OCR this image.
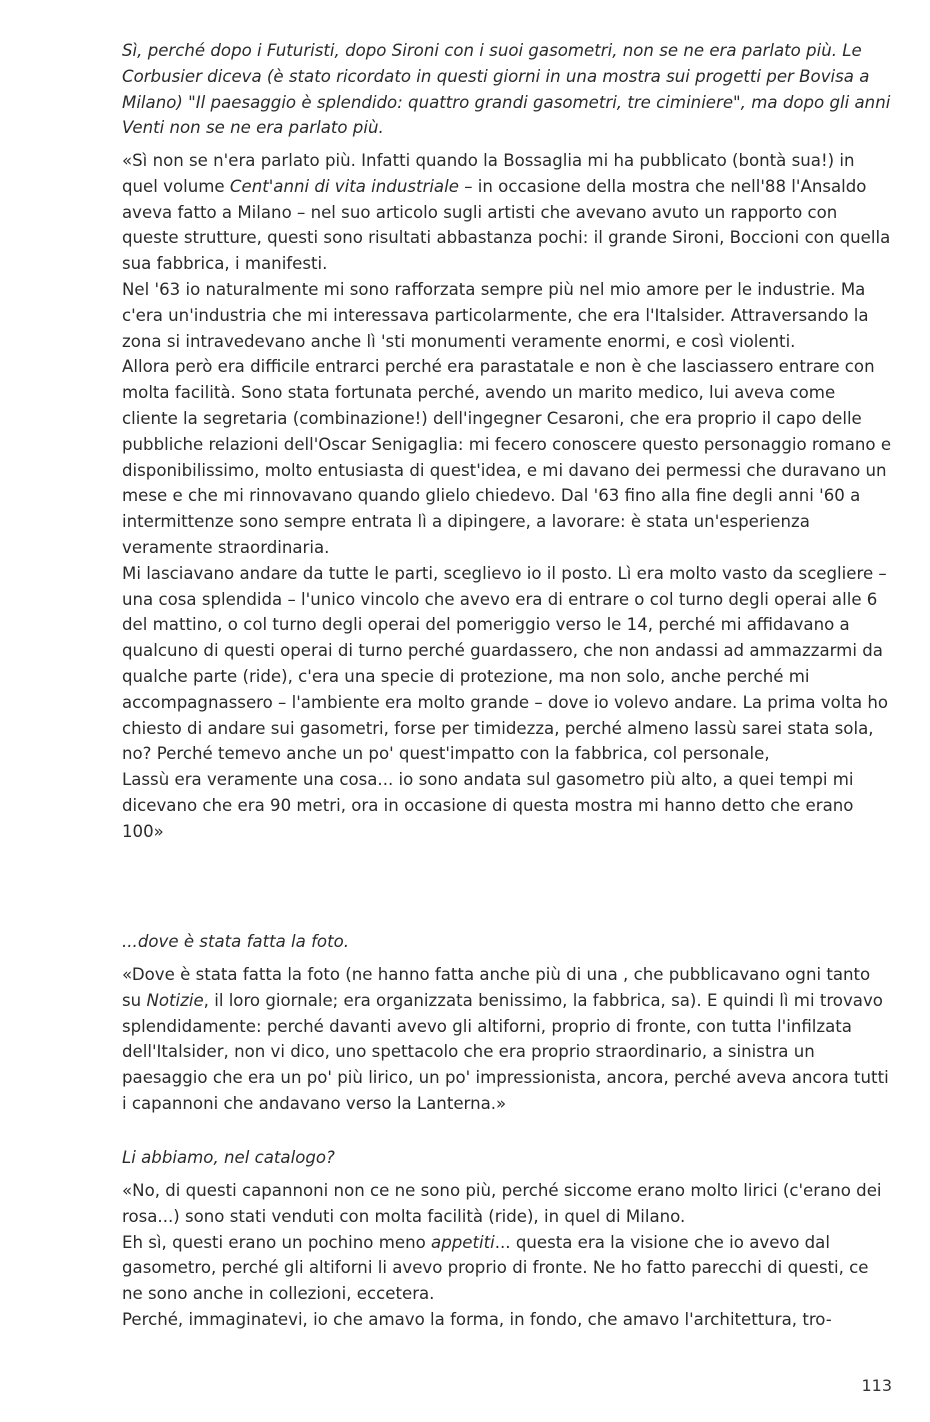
Sì, perché dopo i Futuristi, dopo Sironi con i suoi gasometri, non se ne era parlato più. Le Corbusier diceva (è stato ricordato in questi giorni in una mostra sui progetti per Bovisa a Milano) "Il paesaggio è splendido: quattro grandi gasometri, tre ciminiere", ma dopo gli anni Venti non se ne era parlato più.

«Sì non se n'era parlato più. Infatti quando la Bossaglia mi ha pubblicato (bontà sua!) in quel volume Cent'anni di vita industriale – in occasione della mostra che nell'88 l'Ansaldo aveva fatto a Milano – nel suo articolo sugli artisti che avevano avuto un rapporto con queste strutture, questi sono risultati abbastanza pochi: il grande Sironi, Boccioni con quella sua fabbrica, i manifesti.

Nel '63 io naturalmente mi sono rafforzata sempre più nel mio amore per le industrie. Ma c'era un'industria che mi interessava particolarmente, che era l'Italsider. Attraversando la zona si intravedevano anche lì 'sti monumenti veramente enormi, e così violenti.

Allora però era difficile entrarci perché era parastatale e non è che lasciassero entrare con molta facilità. Sono stata fortunata perché, avendo un marito medico, lui aveva come cliente la segretaria (combinazione!) dell'ingegner Cesaroni, che era proprio il capo delle pubbliche relazioni dell'Oscar Senigaglia: mi fecero conoscere questo personaggio romano e disponibilissimo, molto entusiasta di quest'idea, e mi davano dei permessi che duravano un mese e che mi rinnovavano quando glielo chiedevo. Dal '63 fino alla fine degli anni '60 a intermittenze sono sempre entrata lì a dipingere, a lavorare: è stata un'esperienza veramente straordinaria.

Mi lasciavano andare da tutte le parti, sceglievo io il posto. Lì era molto vasto da scegliere – una cosa splendida – l'unico vincolo che avevo era di entrare o col turno degli operai alle 6 del mattino, o col turno degli operai del pomeriggio verso le 14, perché mi affidavano a qualcuno di questi operai di turno perché guardassero, che non andassi ad ammazzarmi da qualche parte (ride), c'era una specie di protezione, ma non solo, anche perché mi accompagnassero – l'ambiente era molto grande – dove io volevo andare. La prima volta ho chiesto di andare sui gasometri, forse per timidezza, perché almeno lassù sarei stata sola, no? Perché temevo anche un po' quest'impatto con la fabbrica, col personale,

Lassù era veramente una cosa... io sono andata sul gasometro più alto, a quei tempi mi dicevano che era 90 metri, ora in occasione di questa mostra mi hanno detto che erano 100»

...dove è stata fatta la foto.

«Dove è stata fatta la foto (ne hanno fatta anche più di una , che pubblicavano ogni tanto su Notizie, il loro giornale; era organizzata benissimo, la fabbrica, sa). E quindi lì mi trovavo splendidamente: perché davanti avevo gli altiforni, proprio di fronte, con tutta l'infilzata dell'Italsider, non vi dico, uno spettacolo che era proprio straordinario, a sinistra un paesaggio che era un po' più lirico, un po' impressionista, ancora, perché aveva ancora tutti i capannoni che andavano verso la Lanterna.»

Li abbiamo, nel catalogo?

«No, di questi capannoni non ce ne sono più, perché siccome erano molto lirici (c'erano dei rosa...) sono stati venduti con molta facilità (ride), in quel di Milano.

Eh sì, questi erano un pochino meno appetiti... questa era la visione che io avevo dal gasometro, perché gli altiforni li avevo proprio di fronte. Ne ho fatto parecchi di questi, ce ne sono anche in collezioni, eccetera.

Perché, immaginatevi, io che amavo la forma, in fondo, che amavo l'architettura, tro-

113
